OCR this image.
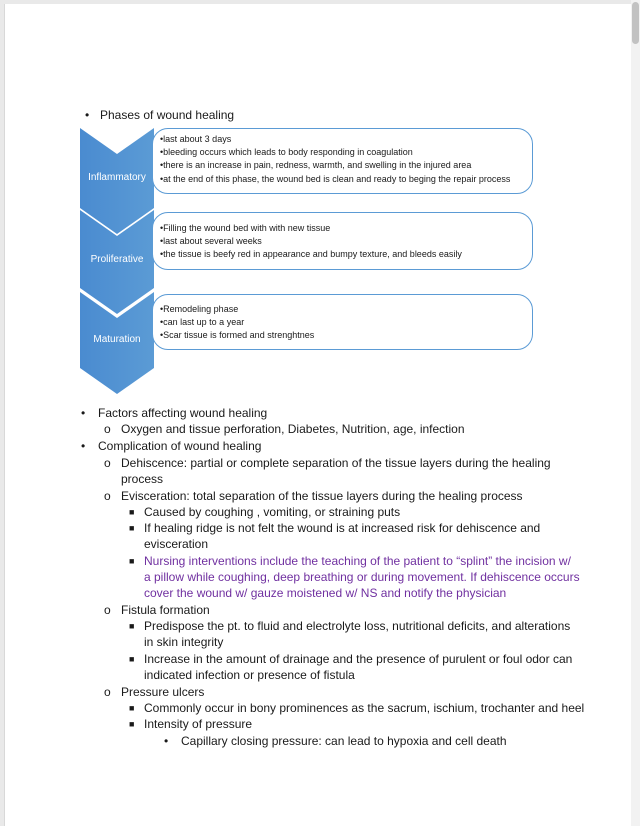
• Phases of wound healing
Inflammatory
Proliferative
Maturation
•last about 3 days
•bleeding occurs which leads to body responding in coagulation
•there is an increase in pain, redness, warmth, and swelling in the injured area
•at the end of this phase, the wound bed is clean and ready to beging the repair process
•Filling the wound bed with with new tissue
•last about several weeks
•the tissue is beefy red in appearance and bumpy texture, and bleeds easily
•Remodeling phase
•can last up to a year
•Scar tissue is formed and strenghtnes
• Factors affecting wound healing
o Oxygen and tissue perforation, Diabetes, Nutrition, age, infection
• Complication of wound healing
o Dehiscence: partial or complete separation of the tissue layers during the healing
process
o Evisceration: total separation of the tissue layers during the healing process
■ Caused by coughing , vomiting, or straining puts
■ If healing ridge is not felt the wound is at increased risk for dehiscence and
evisceration
■ Nursing interventions include the teaching of the patient to “splint” the incision w/
a pillow while coughing, deep breathing or during movement. If dehiscence occurs
cover the wound w/ gauze moistened w/ NS and notify the physician
o Fistula formation
■ Predispose the pt. to fluid and electrolyte loss, nutritional deficits, and alterations
in skin integrity
■ Increase in the amount of drainage and the presence of purulent or foul odor can
indicated infection or presence of fistula
o Pressure ulcers
■ Commonly occur in bony prominences as the sacrum, ischium, trochanter and heel
■ Intensity of pressure
• Capillary closing pressure: can lead to hypoxia and cell death
